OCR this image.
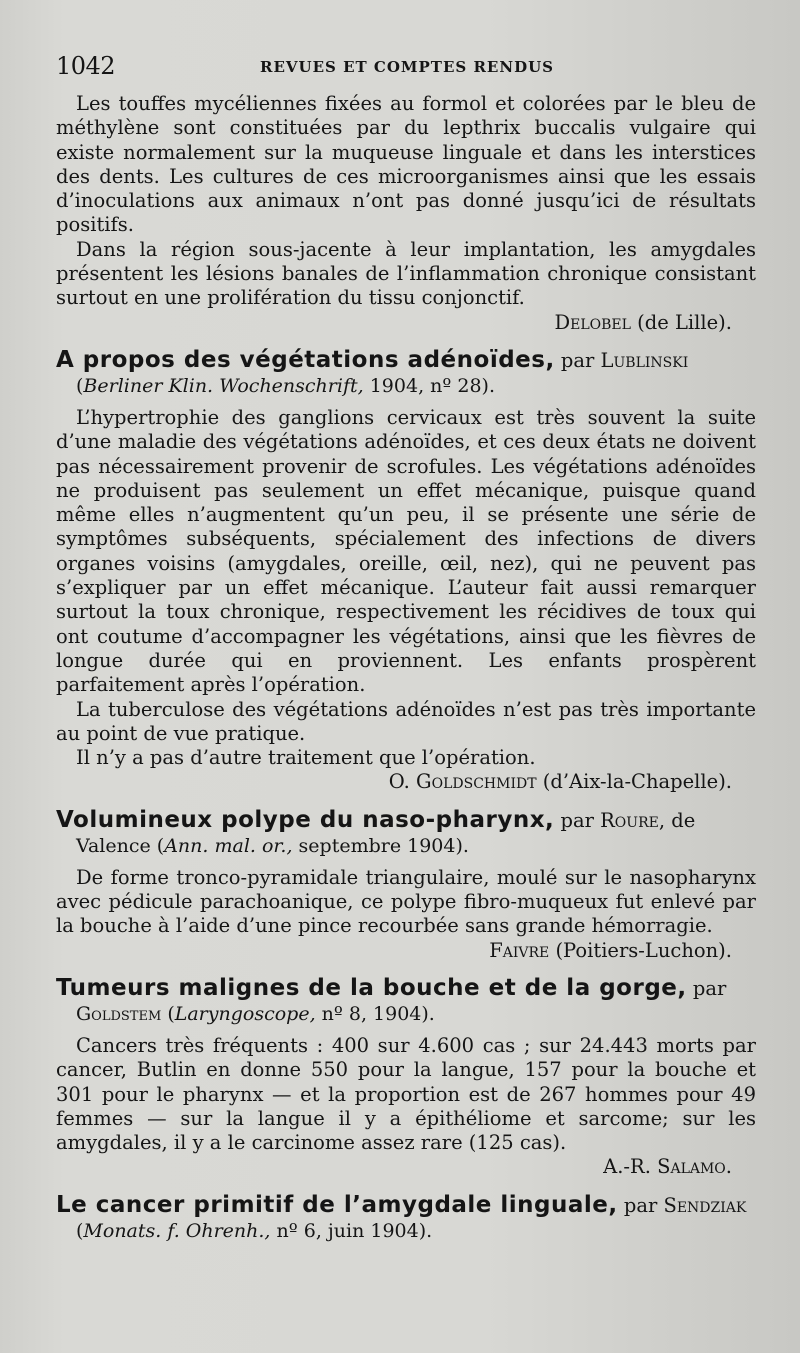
1042	REVUES ET COMPTES RENDUS

Les touffes mycéliennes fixées au formol et colorées par le bleu de méthylène sont constituées par du lepthrix buccalis vulgaire qui existe normalement sur la muqueuse linguale et dans les interstices des dents. Les cultures de ces microorganismes ainsi que les essais d’inoculations aux animaux n’ont pas donné jusqu’ici de résultats positifs.

Dans la région sous-jacente à leur implantation, les amygdales présentent les lésions banales de l’inflammation chronique consistant surtout en une prolifération du tissu conjonctif.

Delobel (de Lille).

A propos des végétations adénoïdes, par Lublinski

(Berliner Klin. Wochenschrift, 1904, nº 28).

L’hypertrophie des ganglions cervicaux est très souvent la suite d’une maladie des végétations adénoïdes, et ces deux états ne doivent pas nécessairement provenir de scrofules. Les végétations adénoïdes ne produisent pas seulement un effet mécanique, puisque quand même elles n’augmentent qu’un peu, il se présente une série de symptômes subséquents, spécialement des infections de divers organes voisins (amygdales, oreille, œil, nez), qui ne peuvent pas s’expliquer par un effet mécanique. L’auteur fait aussi remarquer surtout la toux chronique, respectivement les récidives de toux qui ont coutume d’accompagner les végétations, ainsi que les fièvres de longue durée qui en proviennent. Les enfants prospèrent parfaitement après l’opération.

La tuberculose des végétations adénoïdes n’est pas très importante au point de vue pratique.

Il n’y a pas d’autre traitement que l’opération.

O. Goldschmidt (d’Aix-la-Chapelle).

Volumineux polype du naso-pharynx, par Roure, de

Valence (Ann. mal. or., septembre 1904).

De forme tronco-pyramidale triangulaire, moulé sur le nasopharynx avec pédicule parachoanique, ce polype fibro-muqueux fut enlevé par la bouche à l’aide d’une pince recourbée sans grande hémorragie.

Faivre (Poitiers-Luchon).

Tumeurs malignes de la bouche et de la gorge, par

Goldstem (Laryngoscope, nº 8, 1904).

Cancers très fréquents : 400 sur 4.600 cas ; sur 24.443 morts par cancer, Butlin en donne 550 pour la langue, 157 pour la bouche et 301 pour le pharynx — et la proportion est de 267 hommes pour 49 femmes — sur la langue il y a épithéliome et sarcome; sur les amygdales, il y a le carcinome assez rare (125 cas).

A.-R. Salamo.

Le cancer primitif de l’amygdale linguale, par Sendziak

(Monats. f. Ohrenh., nº 6, juin 1904).
